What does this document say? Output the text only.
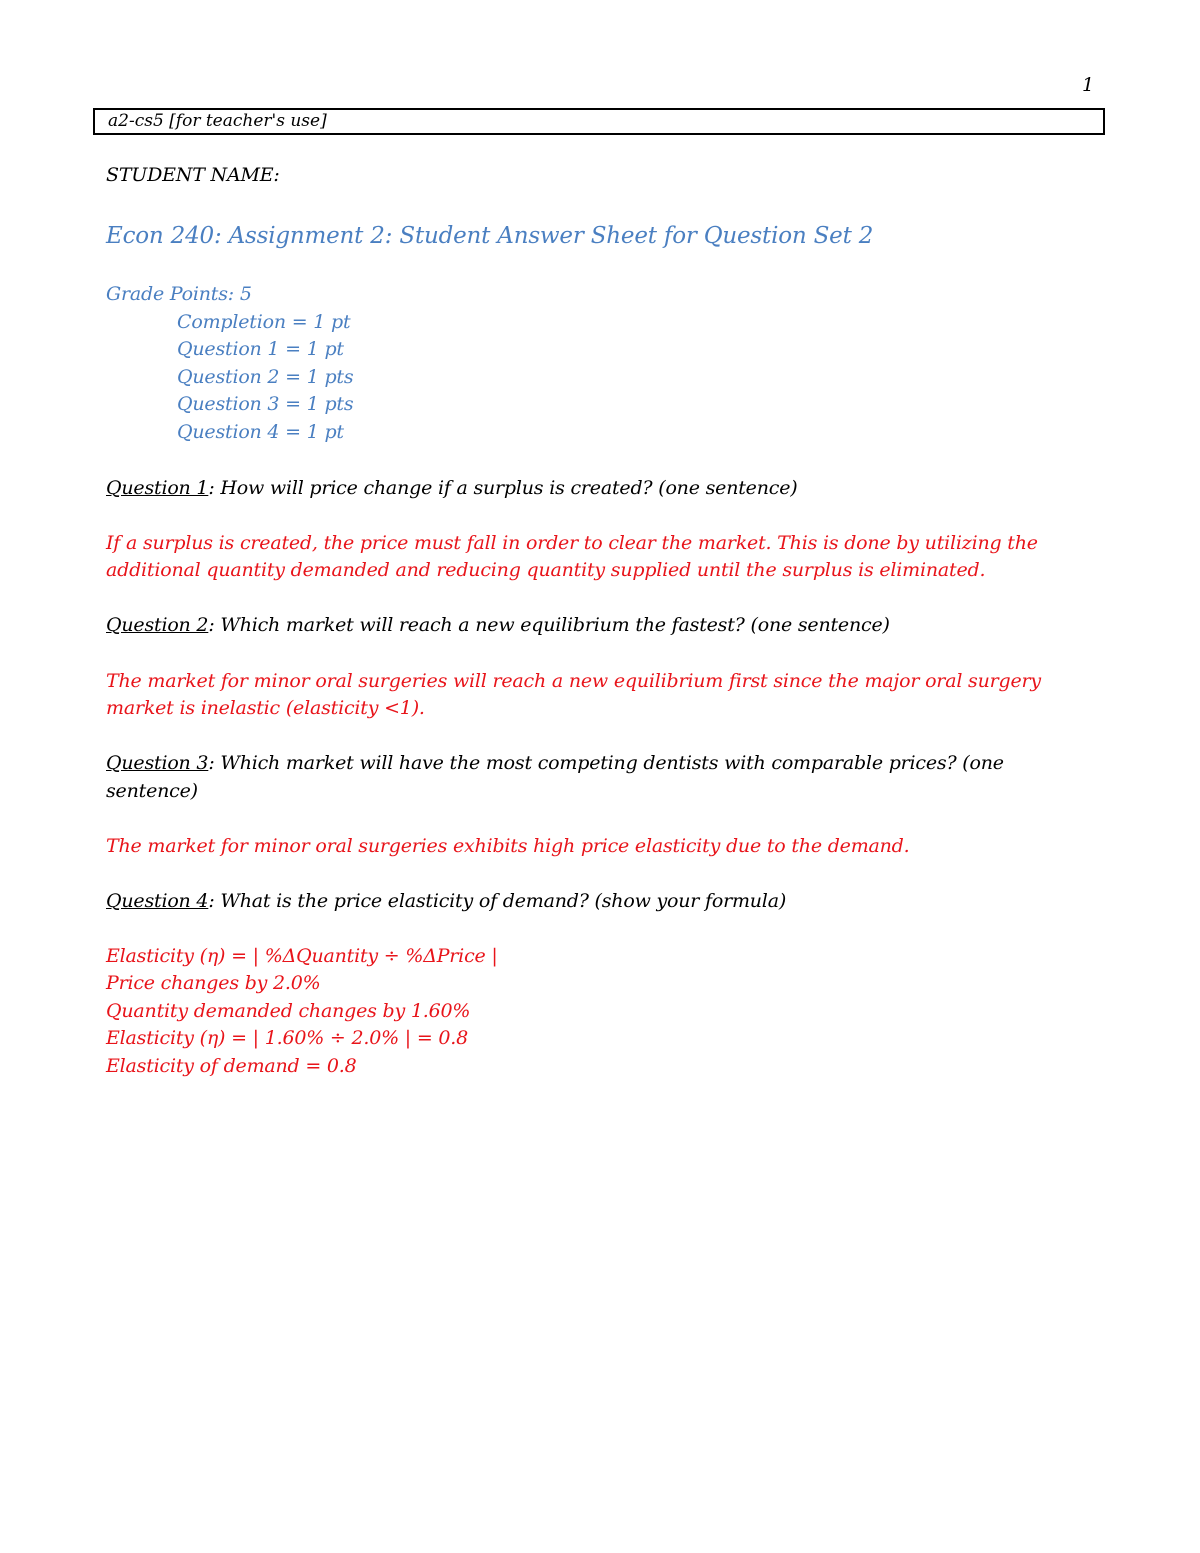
1
a2-cs5 [for teacher's use]
STUDENT NAME:
Econ 240: Assignment 2: Student Answer Sheet for Question Set 2
Grade Points: 5
Completion = 1 pt
Question 1 = 1 pt
Question 2 = 1 pts
Question 3 = 1 pts
Question 4 = 1 pt
Question 1: How will price change if a surplus is created? (one sentence)
If a surplus is created, the price must fall in order to clear the market. This is done by utilizing the
additional quantity demanded and reducing quantity supplied until the surplus is eliminated.
Question 2: Which market will reach a new equilibrium the fastest? (one sentence)
The market for minor oral surgeries will reach a new equilibrium first since the major oral surgery
market is inelastic (elasticity <1).
Question 3: Which market will have the most competing dentists with comparable prices? (one
sentence)
The market for minor oral surgeries exhibits high price elasticity due to the demand.
Question 4: What is the price elasticity of demand? (show your formula)
Elasticity (η) = | %ΔQuantity ÷ %ΔPrice |
Price changes by 2.0%
Quantity demanded changes by 1.60%
Elasticity (η) = | 1.60% ÷ 2.0% | = 0.8
Elasticity of demand = 0.8
